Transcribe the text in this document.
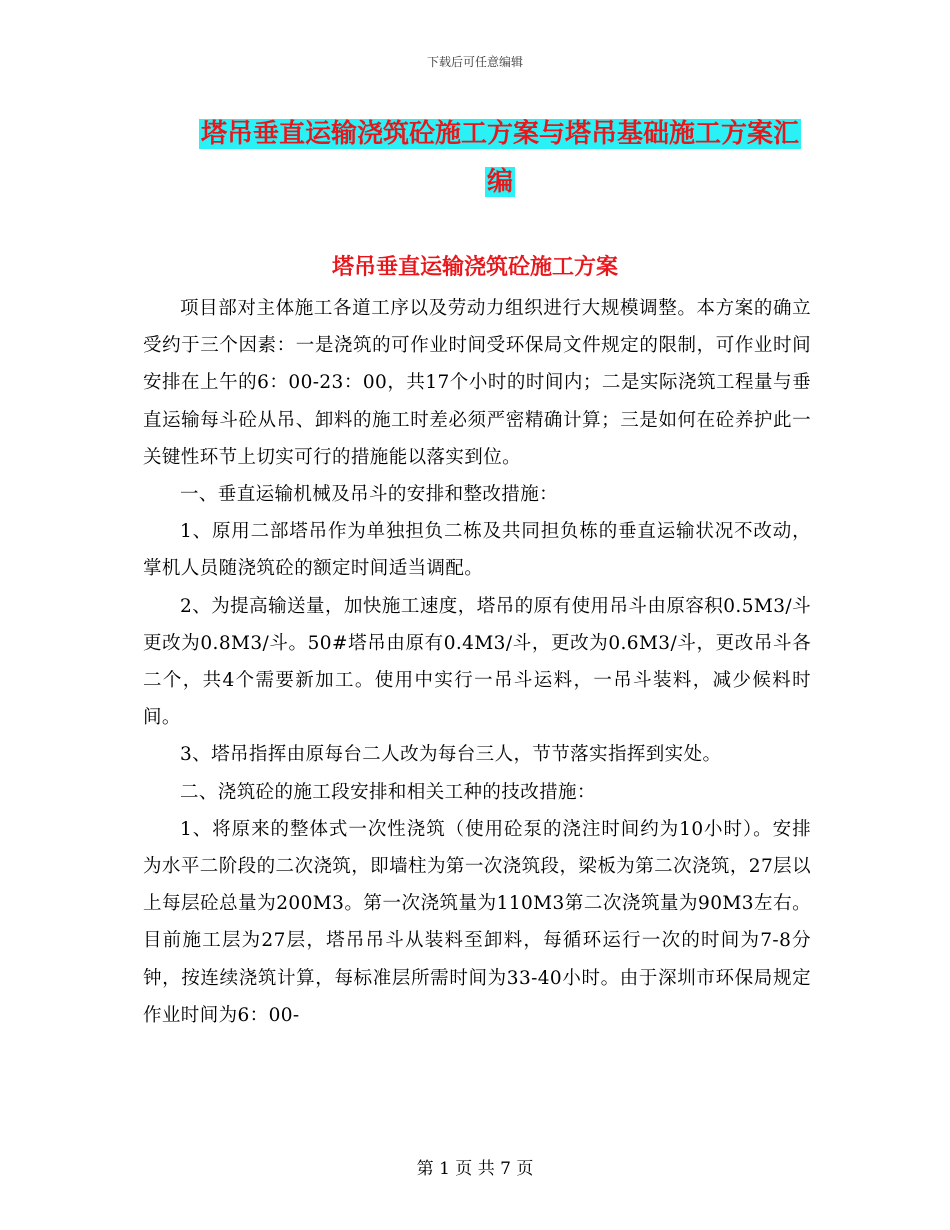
下载后可任意编辑
塔吊垂直运输浇筑砼施工方案与塔吊基础施工方案汇
编
塔吊垂直运输浇筑砼施工方案

项目部对主体施工各道工序以及劳动力组织进行大规模调整。本方案的确立受约于三个因素：一是浇筑的可作业时间受环保局文件规定的限制，可作业时间安排在上午的6：00-23：00，共17个小时的时间内；二是实际浇筑工程量与垂直运输每斗砼从吊、卸料的施工时差必须严密精确计算；三是如何在砼养护此一关键性环节上切实可行的措施能以落实到位。

一、垂直运输机械及吊斗的安排和整改措施：

1、原用二部塔吊作为单独担负二栋及共同担负栋的垂直运输状况不改动，掌机人员随浇筑砼的额定时间适当调配。

2、为提高输送量，加快施工速度，塔吊的原有使用吊斗由原容积0.5M3/斗更改为0.8M3/斗。50#塔吊由原有0.4M3/斗，更改为0.6M3/斗，更改吊斗各二个，共4个需要新加工。使用中实行一吊斗运料，一吊斗装料，减少候料时间。

3、塔吊指挥由原每台二人改为每台三人，节节落实指挥到实处。

二、浇筑砼的施工段安排和相关工种的技改措施：

1、将原来的整体式一次性浇筑（使用砼泵的浇注时间约为10小时）。安排为水平二阶段的二次浇筑，即墙柱为第一次浇筑段，梁板为第二次浇筑，27层以上每层砼总量为200M3。第一次浇筑量为110M3第二次浇筑量为90M3左右。目前施工层为27层，塔吊吊斗从装料至卸料，每循环运行一次的时间为7-8分钟，按连续浇筑计算，每标准层所需时间为33-40小时。由于深圳市环保局规定作业时间为6：00-

第 1 页 共 7 页
